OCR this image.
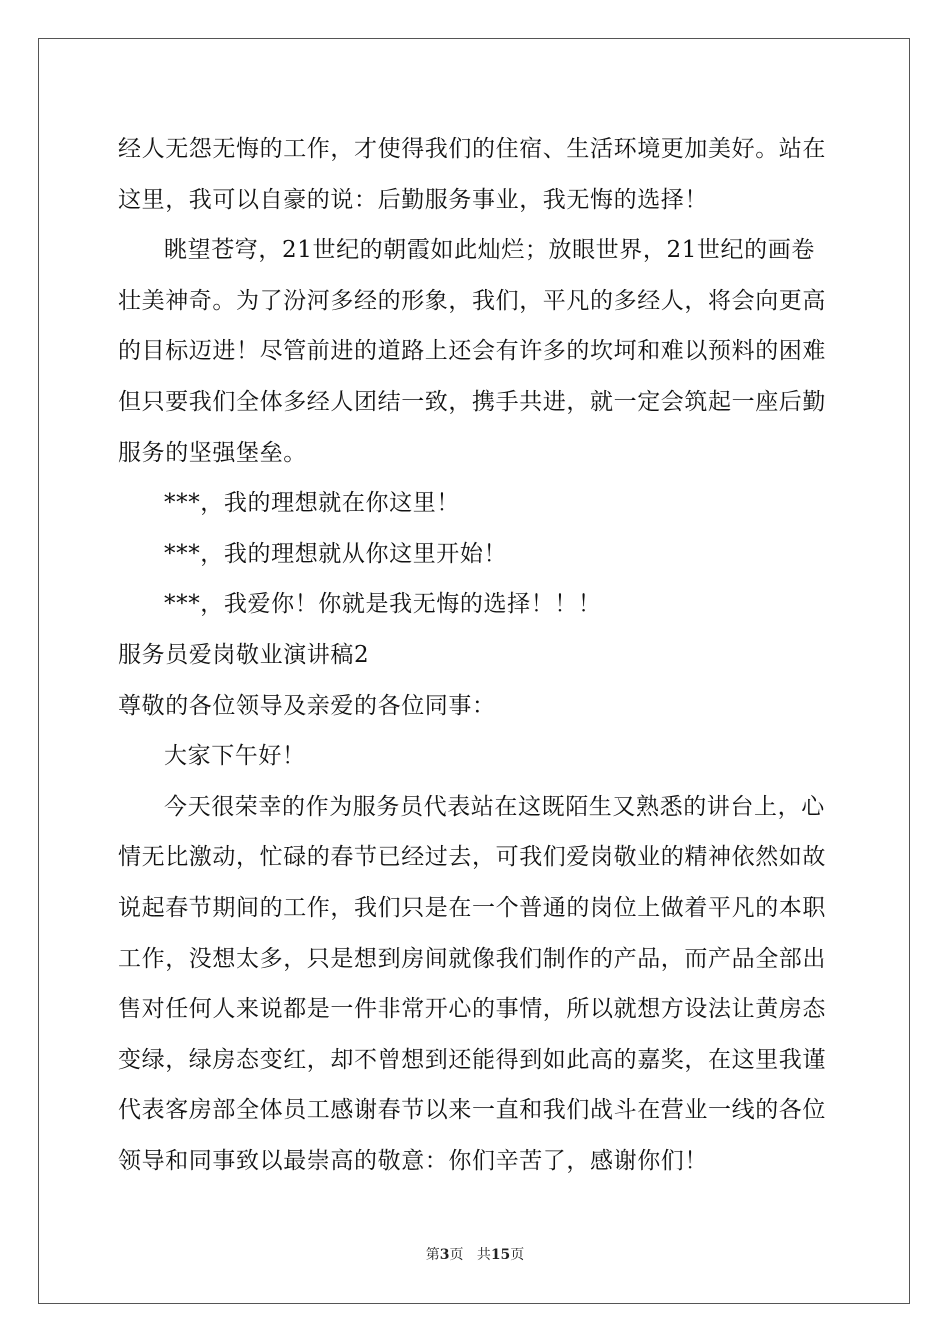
经人无怨无悔的工作，才使得我们的住宿、生活环境更加美好。站在
这里，我可以自豪的说：后勤服务事业，我无悔的选择！
眺望苍穹，21世纪的朝霞如此灿烂；放眼世界，21世纪的画卷
壮美神奇。为了汾河多经的形象，我们，平凡的多经人，将会向更高
的目标迈进！尽管前进的道路上还会有许多的坎坷和难以预料的困难
但只要我们全体多经人团结一致，携手共进，就一定会筑起一座后勤
服务的坚强堡垒。
***，我的理想就在你这里！
***，我的理想就从你这里开始！
***，我爱你！你就是我无悔的选择！！！
服务员爱岗敬业演讲稿2
尊敬的各位领导及亲爱的各位同事：
大家下午好！
今天很荣幸的作为服务员代表站在这既陌生又熟悉的讲台上，心
情无比激动，忙碌的春节已经过去，可我们爱岗敬业的精神依然如故
说起春节期间的工作，我们只是在一个普通的岗位上做着平凡的本职
工作，没想太多，只是想到房间就像我们制作的产品，而产品全部出
售对任何人来说都是一件非常开心的事情，所以就想方设法让黄房态
变绿，绿房态变红，却不曾想到还能得到如此高的嘉奖，在这里我谨
代表客房部全体员工感谢春节以来一直和我们战斗在营业一线的各位
领导和同事致以最崇高的敬意：你们辛苦了，感谢你们！
第3页 共15页
